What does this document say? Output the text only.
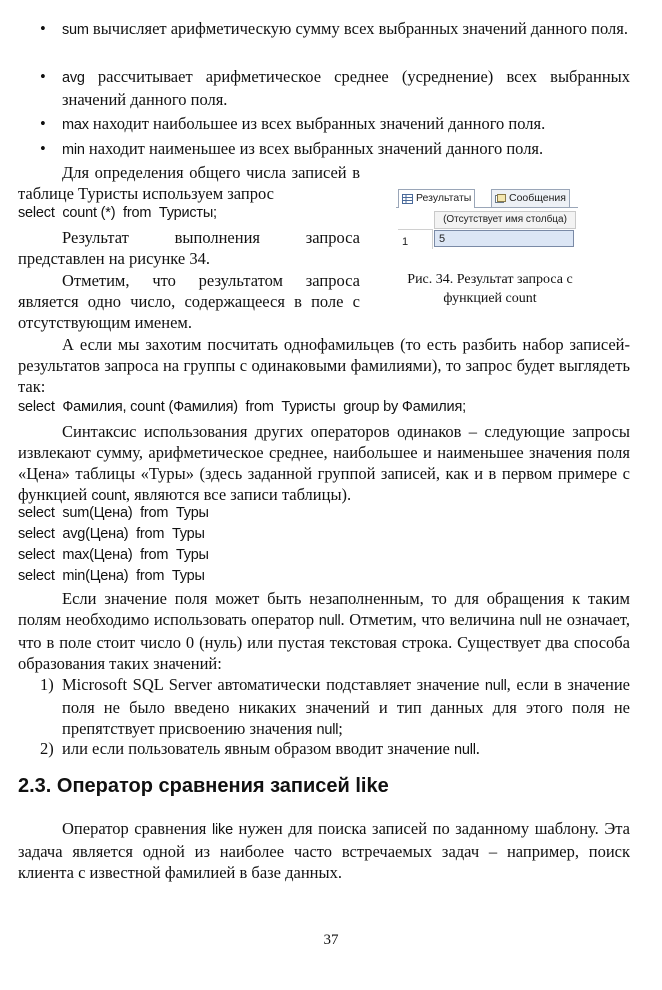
•	sum вычисляет арифметическую сумму всех выбранных значений данного поля.
•	avg рассчитывает арифметическое среднее (усреднение) всех выбранных значений данного поля.
•	max находит наибольшее из всех выбранных значений данного поля.
•	min находит наименьшее из всех выбранных значений данного поля.

Для определения общего числа записей в таблице Туристы используем запрос

select  count (*)  from  Туристы;

Результат выполнения запроса представлен на рисунке 34.

Отметим, что результатом запроса является одно число, содержащееся в поле с отсутствующим именем.

Результаты	Сообщения
(Отсутствует имя столбца)
1	5
Рис. 34. Результат запроса с
функцией count

А если мы захотим посчитать однофамильцев (то есть разбить набор записей-результатов запроса на группы с одинаковыми фамилиями), то запрос будет выглядеть так:

select  Фамилия, count (Фамилия)  from  Туристы  group by Фамилия;

Синтаксис использования других операторов одинаков – следующие запросы извлекают сумму, арифметическое среднее, наибольшее и наименьшее значения поля «Цена» таблицы «Туры» (здесь заданной группой записей, как и в первом примере с функцией count, являются все записи таблицы).

select  sum(Цена)  from  Туры
select  avg(Цена)  from  Туры
select  max(Цена)  from  Туры
select  min(Цена)  from  Туры

Если значение поля может быть незаполненным, то для обращения к таким полям необходимо использовать оператор null. Отметим, что величина null не означает, что в поле стоит число 0 (нуль) или пустая текстовая строка. Существует два способа образования таких значений:

1) Microsoft SQL Server автоматически подставляет значение null, если в значение поля не было введено никаких значений и тип данных для этого поля не препятствует присвоению значения null;
2) или если пользователь явным образом вводит значение null.
2.3. Оператор сравнения записей like

Оператор сравнения like нужен для поиска записей по заданному шаблону. Эта задача является одной из наиболее часто встречаемых задач – например, поиск клиента с известной фамилией в базе данных.

37
